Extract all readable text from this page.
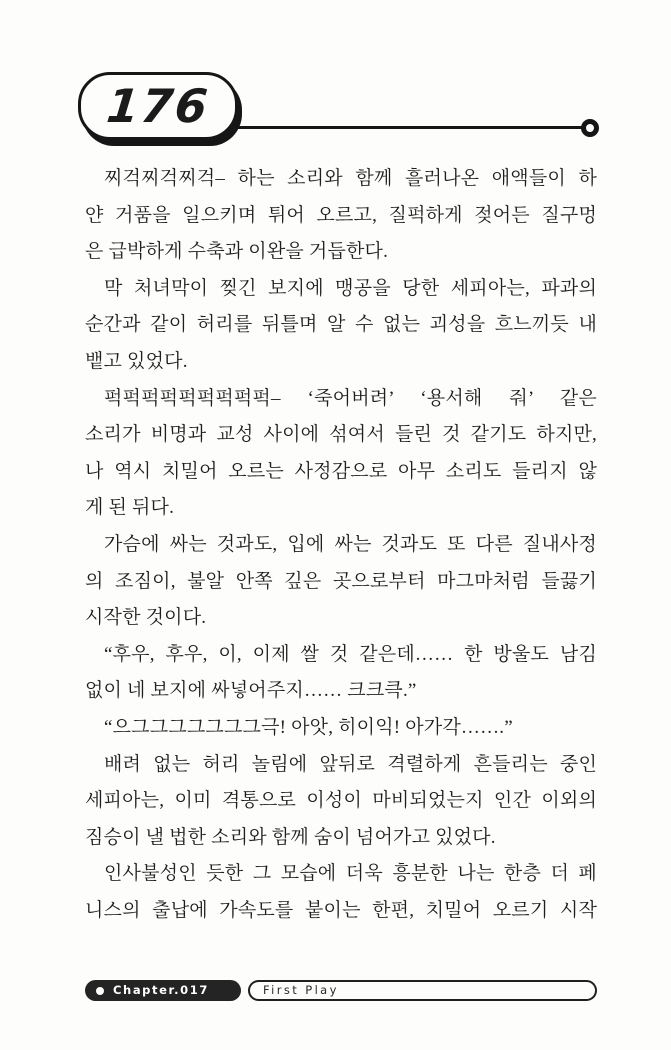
176
찌걱찌걱찌걱– 하는 소리와 함께 흘러나온 애액들이 하
얀 거품을 일으키며 튀어 오르고, 질퍽하게 젖어든 질구멍
은 급박하게 수축과 이완을 거듭한다.
막 처녀막이 찢긴 보지에 맹공을 당한 세피아는, 파과의
순간과 같이 허리를 뒤틀며 알 수 없는 괴성을 흐느끼듯 내
뱉고 있었다.
퍽퍽퍽퍽퍽퍽퍽퍽퍽– ‘죽어버려’ ‘용서해 줘’ 같은
소리가 비명과 교성 사이에 섞여서 들린 것 같기도 하지만,
나 역시 치밀어 오르는 사정감으로 아무 소리도 들리지 않
게 된 뒤다.
가슴에 싸는 것과도, 입에 싸는 것과도 또 다른 질내사정
의 조짐이, 불알 안쪽 깊은 곳으로부터 마그마처럼 들끓기
시작한 것이다.
“후우, 후우, 이, 이제 쌀 것 같은데…… 한 방울도 남김
없이 네 보지에 싸넣어주지…… 크크큭.”
“으그그그그그그그극! 아앗, 히이익! 아가각…….”
배려 없는 허리 놀림에 앞뒤로 격렬하게 흔들리는 중인
세피아는, 이미 격통으로 이성이 마비되었는지 인간 이외의
짐승이 낼 법한 소리와 함께 숨이 넘어가고 있었다.
인사불성인 듯한 그 모습에 더욱 흥분한 나는 한층 더 페
니스의 출납에 가속도를 붙이는 한편, 치밀어 오르기 시작
Chapter.017	First Play
